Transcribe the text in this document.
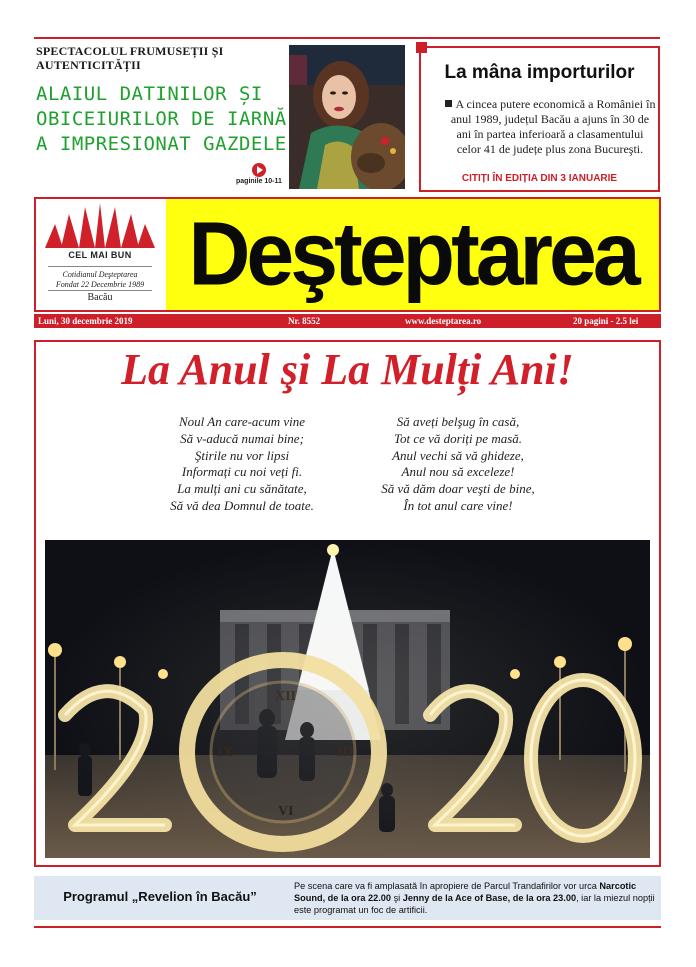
SPECTACOLUL FRUMUSEȚII ȘI AUTENTICITĂȚII
ALAIUL DATINILOR ȘI OBICEIURILOR DE IARNĂ A IMPRESIONAT GAZDELE
paginile 10-11
La mâna importurilor
A cincea putere economică a României în anul 1989, județul Bacău a ajuns în 30 de ani în partea inferioară a clasamentului celor 41 de județe plus zona Bucureşti.
CITIȚI ÎN EDIȚIA DIN 3 IANUARIE
CEL MAI BUN
Cotidianul Deşteptarea
Fondat 22 Decembrie 1989
Bacău Deşteptarea
Luni, 30 decembrie 2019	Nr. 8552	www.desteptarea.ro	20 pagini - 2.5 lei
La Anul şi La Mulți Ani!
Noul An care-acum vine
Să v-aducă numai bine;
Ştirile nu vor lipsi
Informați cu noi veți fi.
La mulți ani cu sănătate,
Să vă dea Domnul de toate.
Să aveți belşug în casă,
Tot ce vă doriți pe masă.
Anul vechi să vă ghideze,
Anul nou să exceleze!
Să vă dăm doar veşti de bine,
În tot anul care vine!
XII
III
VI
IX
Programul „Revelion în Bacău”
Pe scena care va fi amplasată în apropiere de Parcul Trandafirilor vor urca Narcotic Sound, de la ora 22.00 şi Jenny de la Ace of Base, de la ora 23.00, iar la miezul nopții este programat un foc de artificii.
